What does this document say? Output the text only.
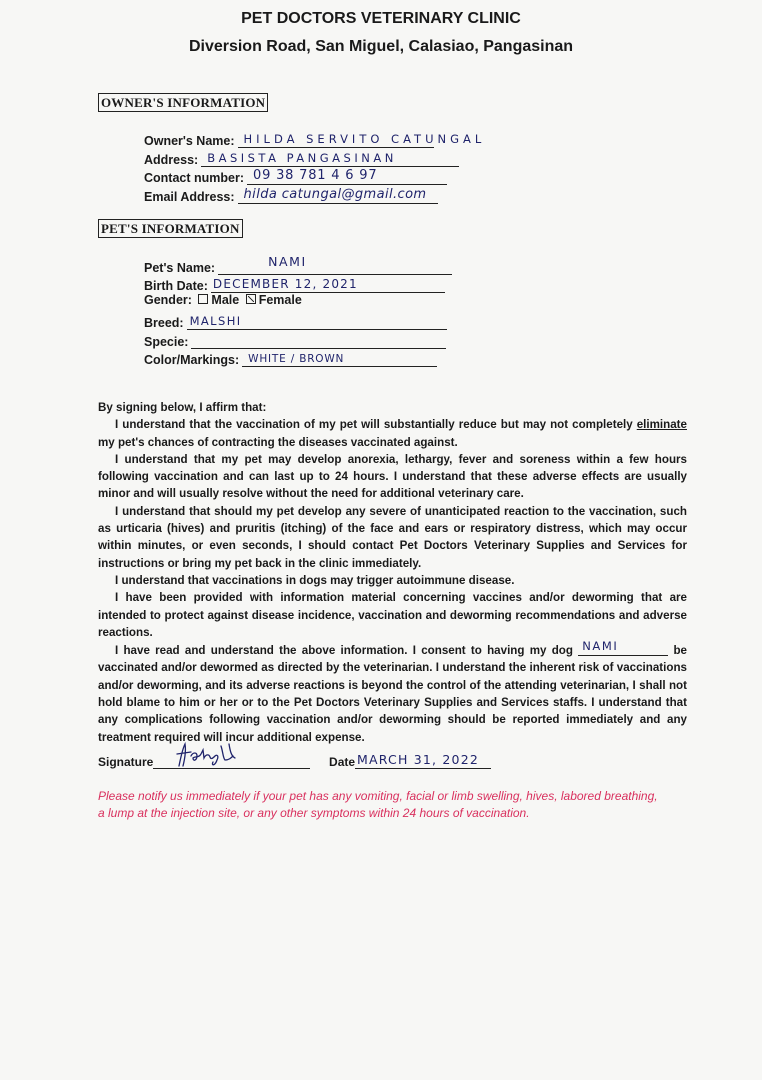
PET DOCTORS VETERINARY CLINIC
Diversion Road, San Miguel, Calasiao, Pangasinan
OWNER'S INFORMATION
Owner's Name: HILDA SERVITO CATUNGAL
Address: BASISTA PANGASINAN
Contact number: 09 38 781 4 6 97
Email Address: hilda catungal@gmail.com
PET'S INFORMATION
Pet's Name:	NAMI
Birth Date: DECEMBER 12, 2021
Gender: Male Female
Breed: MALSHI
Specie:
Color/Markings: WHITE / BROWN

By signing below, I affirm that:

I understand that the vaccination of my pet will substantially reduce but may not completely eliminate my pet's chances of contracting the diseases vaccinated against.

I understand that my pet may develop anorexia, lethargy, fever and soreness within a few hours following vaccination and can last up to 24 hours. I understand that these adverse effects are usually minor and will usually resolve without the need for additional veterinary care.

I understand that should my pet develop any severe of unanticipated reaction to the vaccination, such as urticaria (hives) and pruritis (itching) of the face and ears or respiratory distress, which may occur within minutes, or even seconds, I should contact Pet Doctors Veterinary Supplies and Services for instructions or bring my pet back in the clinic immediately.

I understand that vaccinations in dogs may trigger autoimmune disease.

I have been provided with information material concerning vaccines and/or deworming that are intended to protect against disease incidence, vaccination and deworming recommendations and adverse reactions.

I have read and understand the above information. I consent to having my dog NAMI	be vaccinated and/or dewormed as directed by the veterinarian. I understand the inherent risk of vaccinations and/or deworming, and its adverse reactions is beyond the control of the attending veterinarian, I shall not hold blame to him or her or to the Pet Doctors Veterinary Supplies and Services staffs. I understand that any complications following vaccination and/or deworming should be reported immediately and any treatment required will incur additional expense.

Signature	Date MARCH 31, 2022
Please notify us immediately if your pet has any vomiting, facial or limb swelling, hives, labored breathing, a lump at the injection site, or any other symptoms within 24 hours of vaccination.
